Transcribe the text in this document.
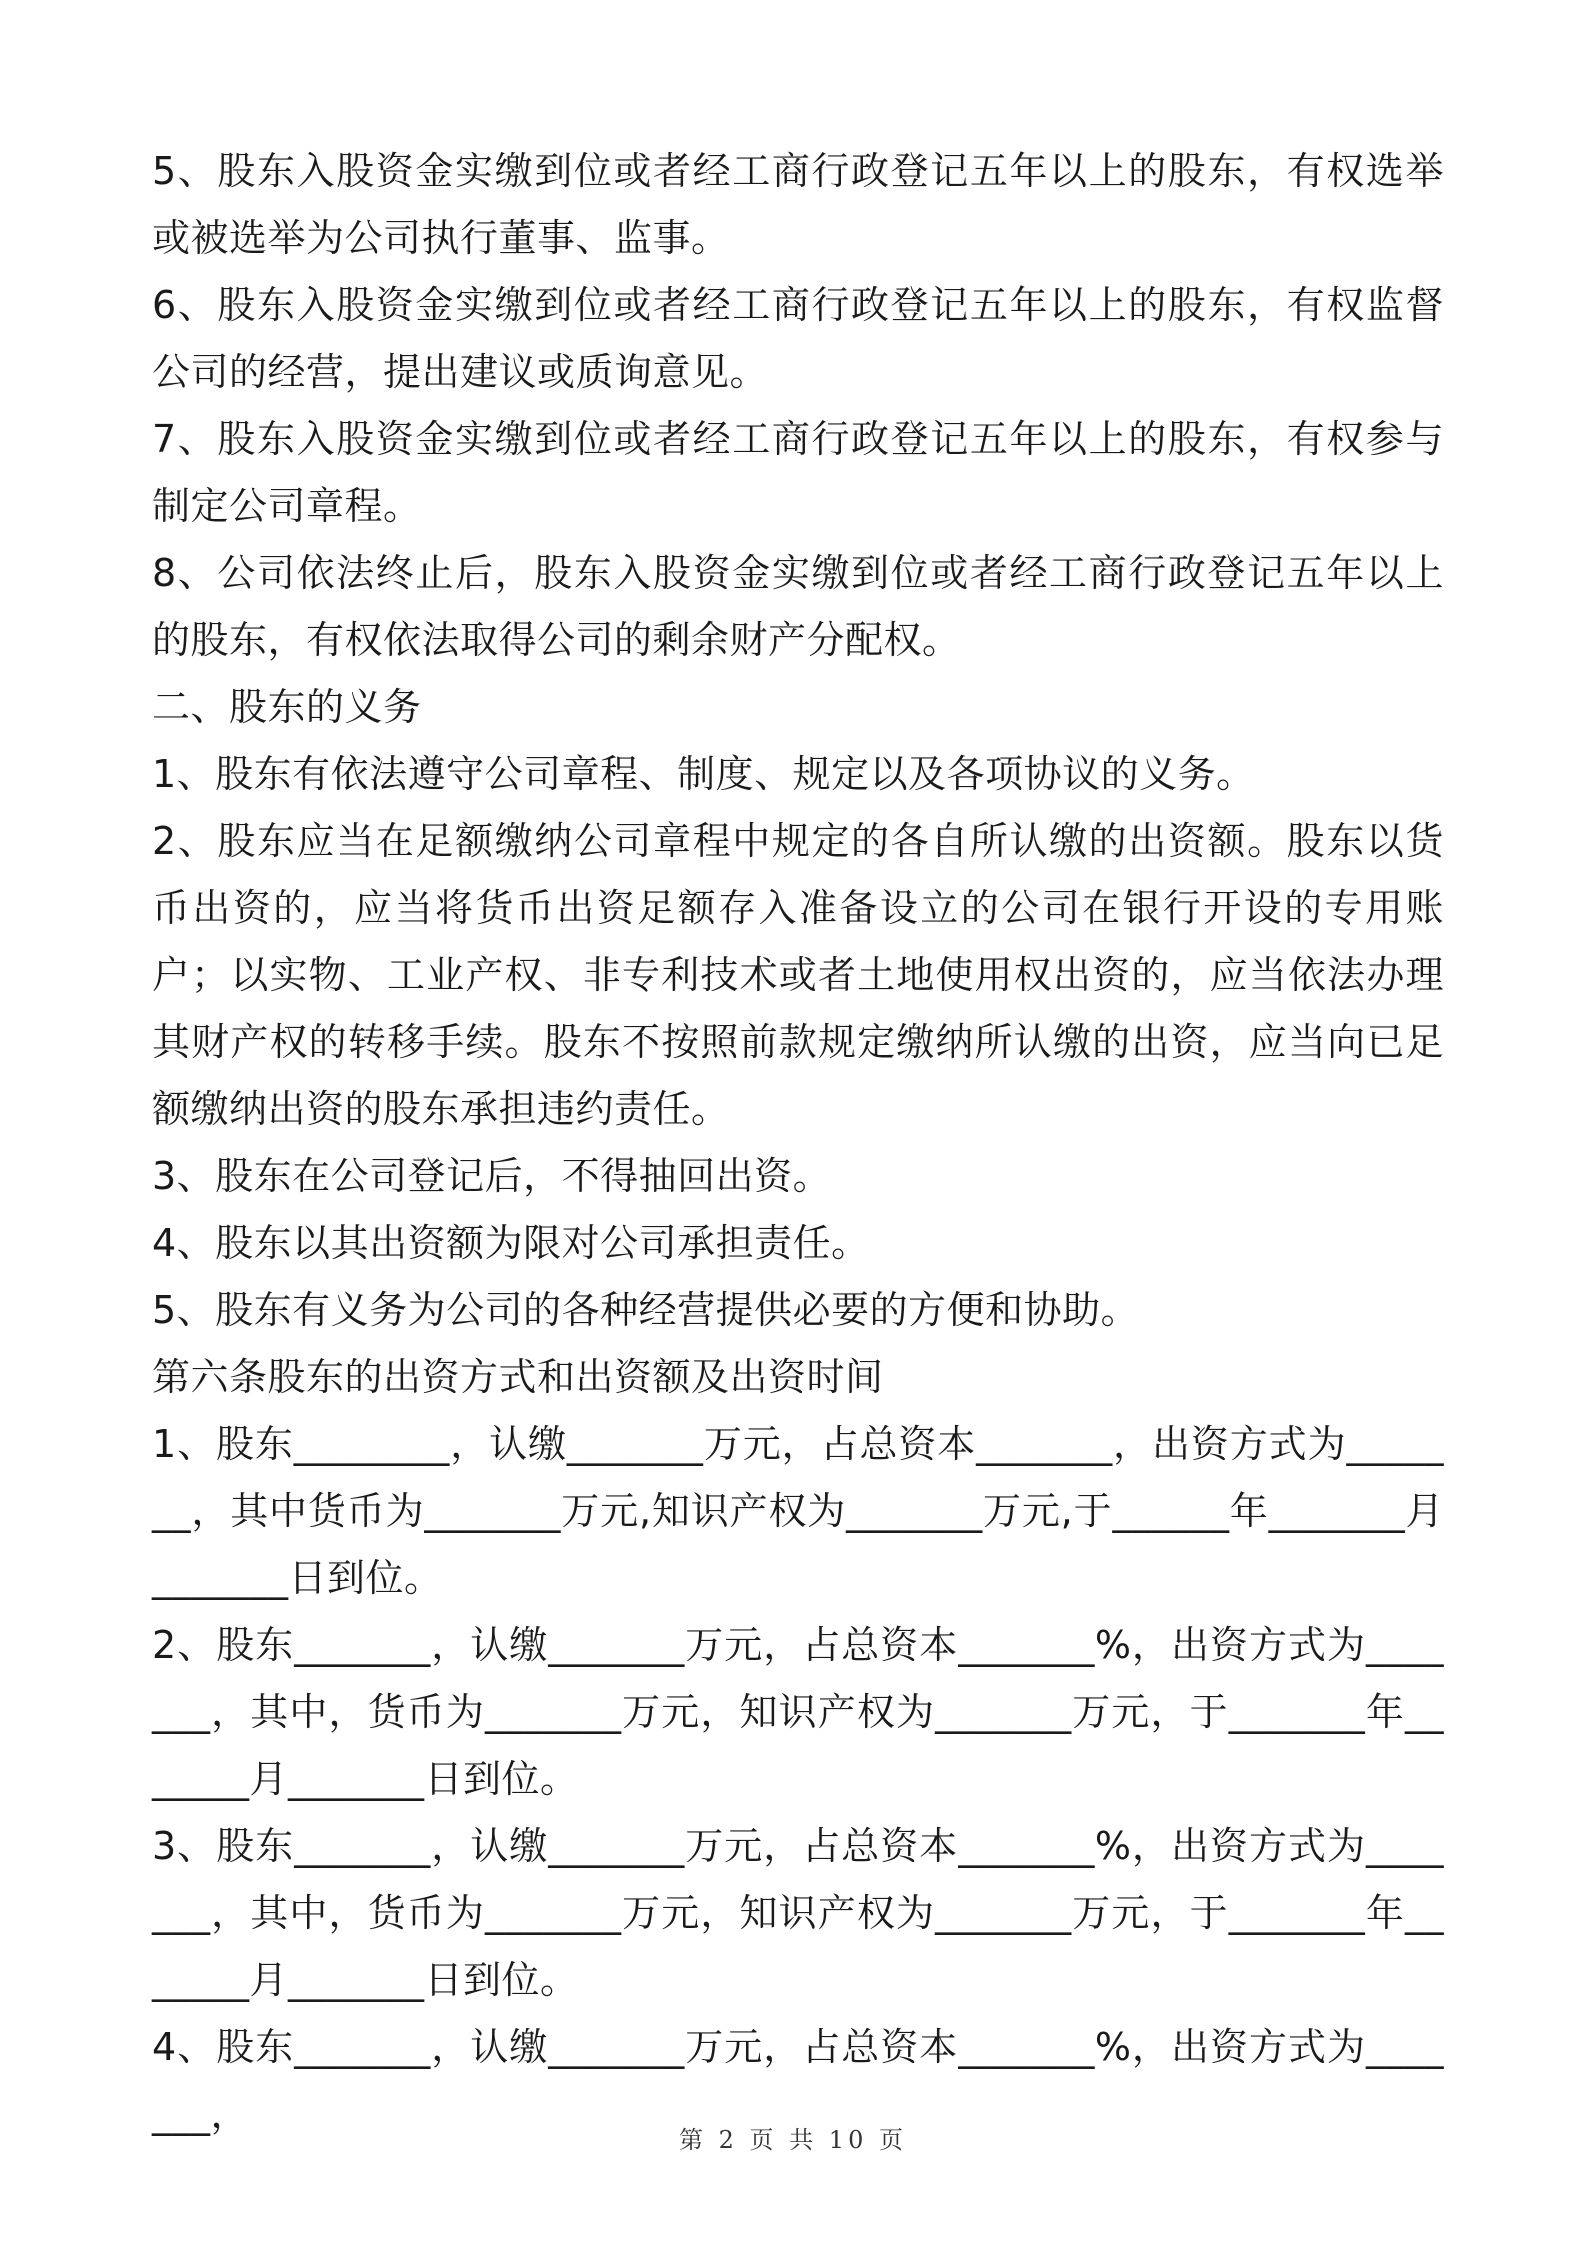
5、股东入股资金实缴到位或者经工商行政登记五年以上的股东，有权选举或被选举为公司执行董事、监事。

6、股东入股资金实缴到位或者经工商行政登记五年以上的股东，有权监督公司的经营，提出建议或质询意见。

7、股东入股资金实缴到位或者经工商行政登记五年以上的股东，有权参与制定公司章程。

8、公司依法终止后，股东入股资金实缴到位或者经工商行政登记五年以上的股东，有权依法取得公司的剩余财产分配权。

二、股东的义务

1、股东有依法遵守公司章程、制度、规定以及各项协议的义务。

2、股东应当在足额缴纳公司章程中规定的各自所认缴的出资额。股东以货币出资的，应当将货币出资足额存入准备设立的公司在银行开设的专用账户；以实物、工业产权、非专利技术或者土地使用权出资的，应当依法办理其财产权的转移手续。股东不按照前款规定缴纳所认缴的出资，应当向已足额缴纳出资的股东承担违约责任。

3、股东在公司登记后，不得抽回出资。

4、股东以其出资额为限对公司承担责任。

5、股东有义务为公司的各种经营提供必要的方便和协助。

第六条股东的出资方式和出资额及出资时间

1、股东________，认缴_______万元，占总资本_______，出资方式为_______，其中货币为_______万元,知识产权为_______万元,于______年_______月_______日到位。

2、股东_______，认缴_______万元，占总资本_______%，出资方式为_______，其中，货币为_______万元，知识产权为_______万元，于_______年_______月_______日到位。

3、股东_______，认缴_______万元，占总资本_______%，出资方式为_______，其中，货币为_______万元，知识产权为_______万元，于_______年_______月_______日到位。

4、股东_______，认缴_______万元，占总资本_______%，出资方式为_______，

第 2 页 共 10 页
